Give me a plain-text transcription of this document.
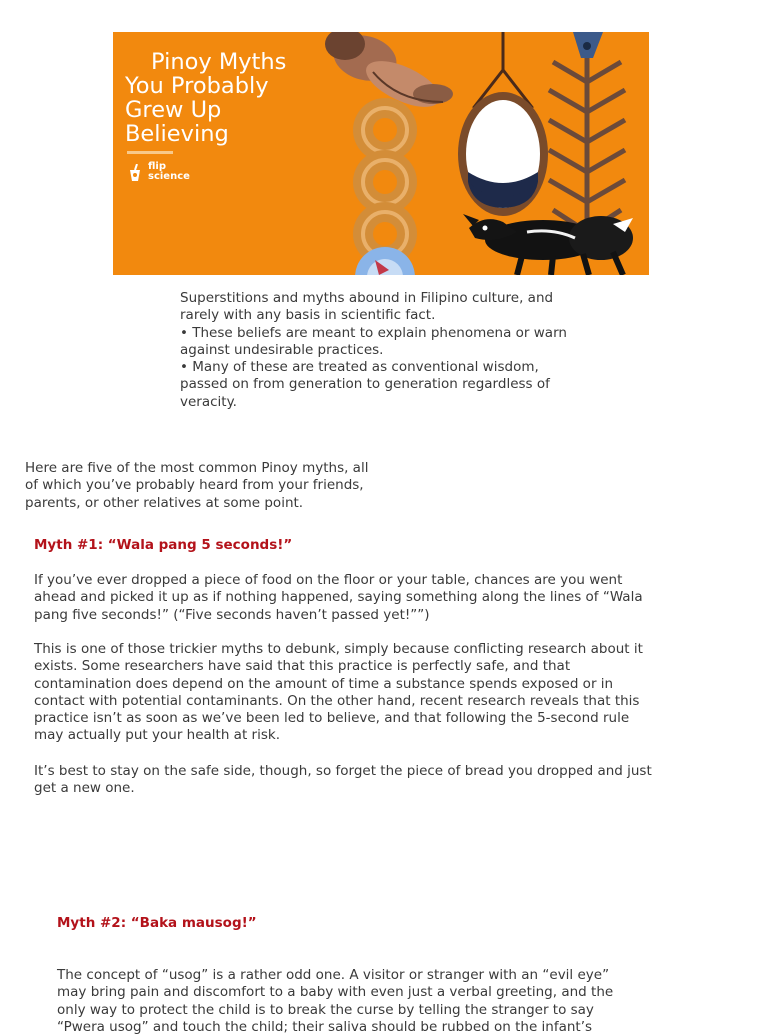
Pinoy Myths
You Probably
Grew Up
Believing
flip science
Superstitions and myths abound in Filipino culture, and
rarely with any basis in scientific fact.
• These beliefs are meant to explain phenomena or warn
against undesirable practices.
• Many of these are treated as conventional wisdom,
passed on from generation to generation regardless of
veracity.
Here are five of the most common Pinoy myths, all
of which you’ve probably heard from your friends,
parents, or other relatives at some point.
Myth #1: “Wala pang 5 seconds!”
If you’ve ever dropped a piece of food on the floor or your table, chances are you went
ahead and picked it up as if nothing happened, saying something along the lines of “Wala
pang five seconds!” (“Five seconds haven’t passed yet!””)
This is one of those trickier myths to debunk, simply because conflicting research about it
exists. Some researchers have said that this practice is perfectly safe, and that
contamination does depend on the amount of time a substance spends exposed or in
contact with potential contaminants. On the other hand, recent research reveals that this
practice isn’t as soon as we’ve been led to believe, and that following the 5-second rule
may actually put your health at risk.
It’s best to stay on the safe side, though, so forget the piece of bread you dropped and just
get a new one.
Myth #2: “Baka mausog!”
The concept of “usog” is a rather odd one. A visitor or stranger with an “evil eye”
may bring pain and discomfort to a baby with even just a verbal greeting, and the
only way to protect the child is to break the curse by telling the stranger to say
“Pwera usog” and touch the child; their saliva should be rubbed on the infant’s
